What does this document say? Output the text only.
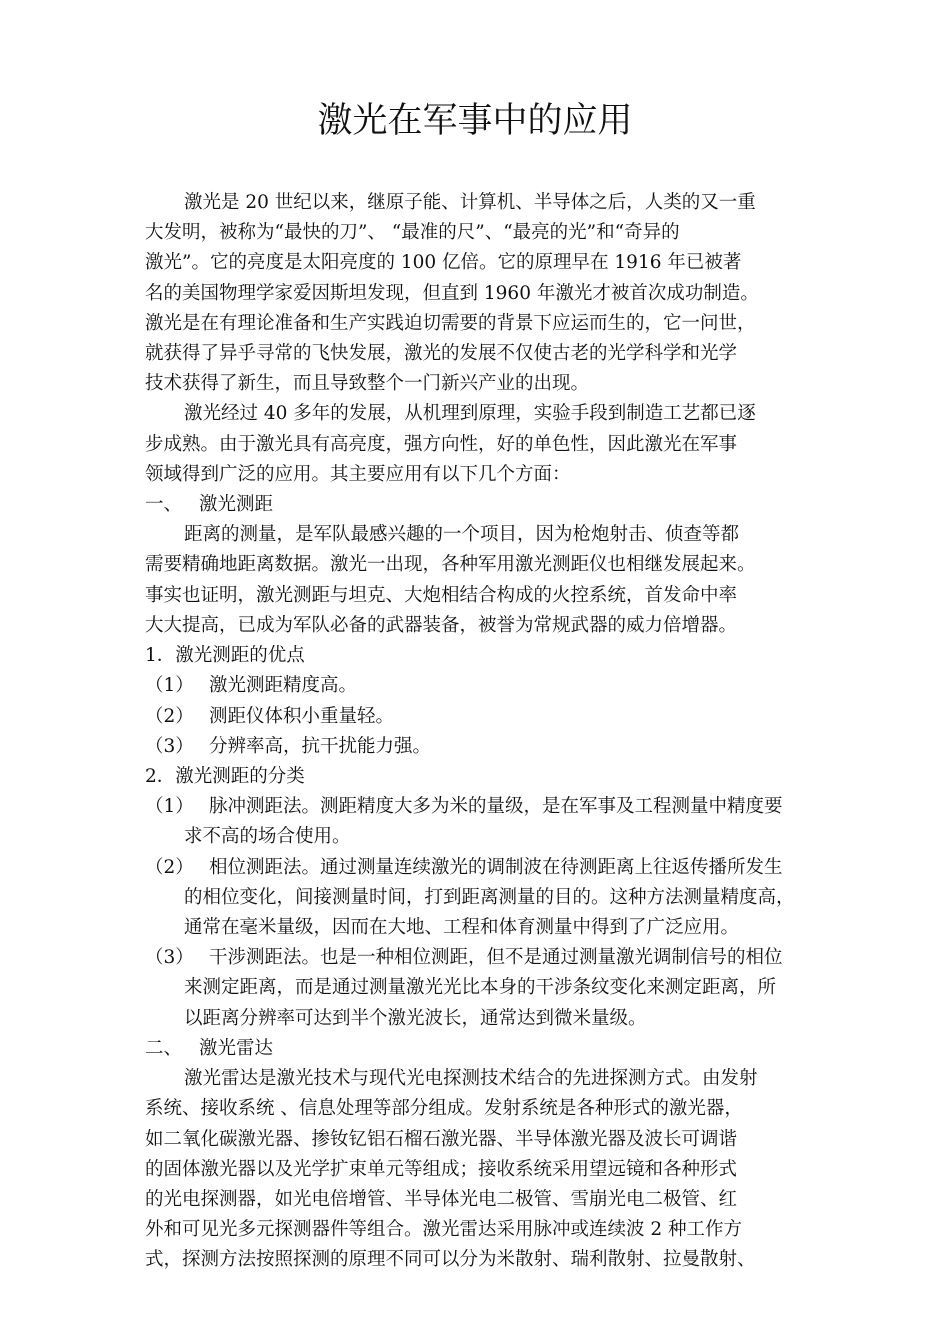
激光在军事中的应用

激光是 20 世纪以来，继原子能、计算机、半导体之后，人类的又一重

大发明，被称为“最快的刀”、 “最准的尺”、“最亮的光”和“奇异的

激光”。它的亮度是太阳亮度的 100 亿倍。它的原理早在 1916 年已被著

名的美国物理学家爱因斯坦发现，但直到 1960 年激光才被首次成功制造。

激光是在有理论准备和生产实践迫切需要的背景下应运而生的，它一问世，

就获得了异乎寻常的飞快发展，激光的发展不仅使古老的光学科学和光学

技术获得了新生，而且导致整个一门新兴产业的出现。

激光经过 40 多年的发展，从机理到原理，实验手段到制造工艺都已逐

步成熟。由于激光具有高亮度，强方向性，好的单色性，因此激光在军事

领域得到广泛的应用。其主要应用有以下几个方面：

一、 激光测距

距离的测量，是军队最感兴趣的一个项目，因为枪炮射击、侦查等都

需要精确地距离数据。激光一出现，各种军用激光测距仪也相继发展起来。

事实也证明，激光测距与坦克、大炮相结合构成的火控系统，首发命中率

大大提高，已成为军队必备的武器装备，被誉为常规武器的威力倍增器。

1．激光测距的优点

（1） 激光测距精度高。

（2） 测距仪体积小重量轻。

（3） 分辨率高，抗干扰能力强。

2．激光测距的分类

（1） 脉冲测距法。测距精度大多为米的量级，是在军事及工程测量中精度要

求不高的场合使用。

（2） 相位测距法。通过测量连续激光的调制波在待测距离上往返传播所发生

的相位变化，间接测量时间，打到距离测量的目的。这种方法测量精度高，

通常在毫米量级，因而在大地、工程和体育测量中得到了广泛应用。

（3） 干涉测距法。也是一种相位测距，但不是通过测量激光调制信号的相位

来测定距离，而是通过测量激光光比本身的干涉条纹变化来测定距离，所

以距离分辨率可达到半个激光波长，通常达到微米量级。

二、 激光雷达

激光雷达是激光技术与现代光电探测技术结合的先进探测方式。由发射

系统、接收系统 、信息处理等部分组成。发射系统是各种形式的激光器，

如二氧化碳激光器、掺钕钇铝石榴石激光器、半导体激光器及波长可调谐

的固体激光器以及光学扩束单元等组成；接收系统采用望远镜和各种形式

的光电探测器，如光电倍增管、半导体光电二极管、雪崩光电二极管、红

外和可见光多元探测器件等组合。激光雷达采用脉冲或连续波 2 种工作方

式，探测方法按照探测的原理不同可以分为米散射、瑞利散射、拉曼散射、
